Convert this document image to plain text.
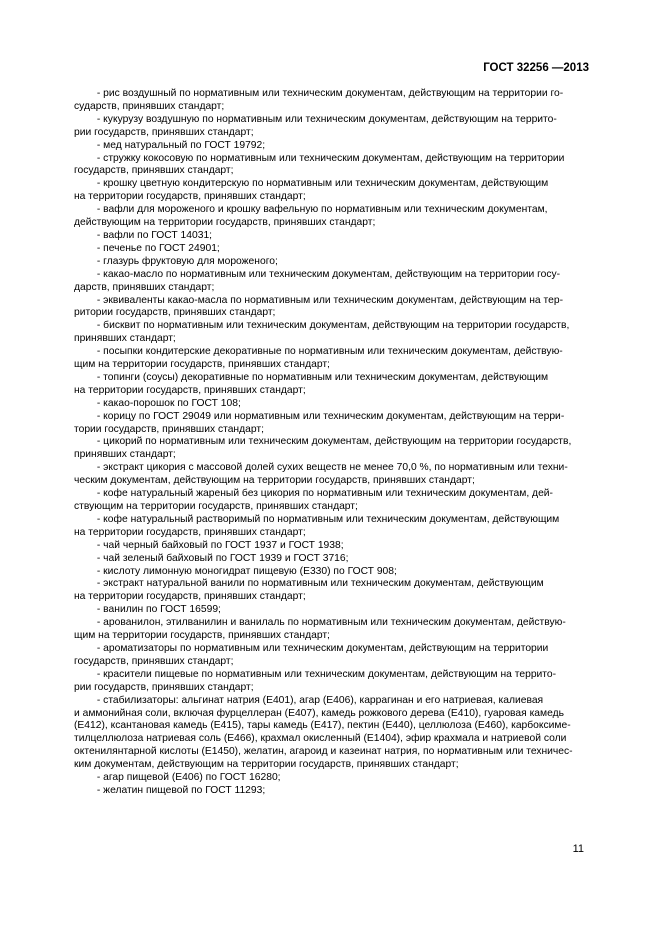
ГОСТ 32256 —2013
- рис воздушный по нормативным или техническим документам, действующим на территории го-
сударств, принявших стандарт;
- кукурузу воздушную по нормативным или техническим документам, действующим на террито-
рии государств, принявших стандарт;
- мед натуральный по ГОСТ 19792;
- стружку кокосовую по нормативным или техническим документам, действующим на территории
государств, принявших стандарт;
- крошку цветную кондитерскую по нормативным или техническим документам, действующим
на территории государств, принявших стандарт;
- вафли для мороженого и крошку вафельную по нормативным или техническим документам,
действующим на территории государств, принявших стандарт;
- вафли по ГОСТ 14031;
- печенье по ГОСТ 24901;
- глазурь фруктовую для мороженого;
- какао-масло по нормативным или техническим документам, действующим на территории госу-
дарств, принявших стандарт;
- эквиваленты какао-масла по нормативным или техническим документам, действующим на тер-
ритории государств, принявших стандарт;
- бисквит по нормативным или техническим документам, действующим на территории государств,
принявших стандарт;
- посыпки кондитерские декоративные по нормативным или техническим документам, действую-
щим на территории государств, принявших стандарт;
- топинги (соусы) декоративные по нормативным или техническим документам, действующим
на территории государств, принявших стандарт;
- какао-порошок по ГОСТ 108;
- корицу по ГОСТ 29049 или нормативным или техническим документам, действующим на терри-
тории государств, принявших стандарт;
- цикорий по нормативным или техническим документам, действующим на территории государств,
принявших стандарт;
- экстракт цикория с массовой долей сухих веществ не менее 70,0 %, по нормативным или техни-
ческим документам, действующим на территории государств, принявших стандарт;
- кофе натуральный жареный без цикория по нормативным или техническим документам, дей-
ствующим на территории государств, принявших стандарт;
- кофе натуральный растворимый по нормативным или техническим документам, действующим
на территории государств, принявших стандарт;
- чай черный байховый по ГОСТ 1937 и ГОСТ 1938;
- чай зеленый байховый по ГОСТ 1939 и ГОСТ 3716;
- кислоту лимонную моногидрат пищевую (Е330) по ГОСТ 908;
- экстракт натуральной ванили по нормативным или техническим документам, действующим
на территории государств, принявших стандарт;
- ванилин по ГОСТ 16599;
- арованилон, этилванилин и ванилаль по нормативным или техническим документам, действую-
щим на территории государств, принявших стандарт;
- ароматизаторы по нормативным или техническим документам, действующим на территории
государств, принявших стандарт;
- красители пищевые по нормативным или техническим документам, действующим на террито-
рии государств, принявших стандарт;
- стабилизаторы: альгинат натрия (Е401), агар (Е406), каррагинан и его натриевая, калиевая
и аммонийная соли, включая фурцеллеран (Е407), камедь рожкового дерева (Е410), гуаровая камедь
(Е412), ксантановая камедь (Е415), тары камедь (Е417), пектин (Е440), целлюлоза (Е460), карбоксиме-
тилцеллюлоза натриевая соль (Е466), крахмал окисленный (Е1404), эфир крахмала и натриевой соли
октенилянтарной кислоты (Е1450), желатин, агароид и казеинат натрия, по нормативным или техничес-
ким документам, действующим на территории государств, принявших стандарт;
- агар пищевой (Е406) по ГОСТ 16280;
- желатин пищевой по ГОСТ 11293;
11
